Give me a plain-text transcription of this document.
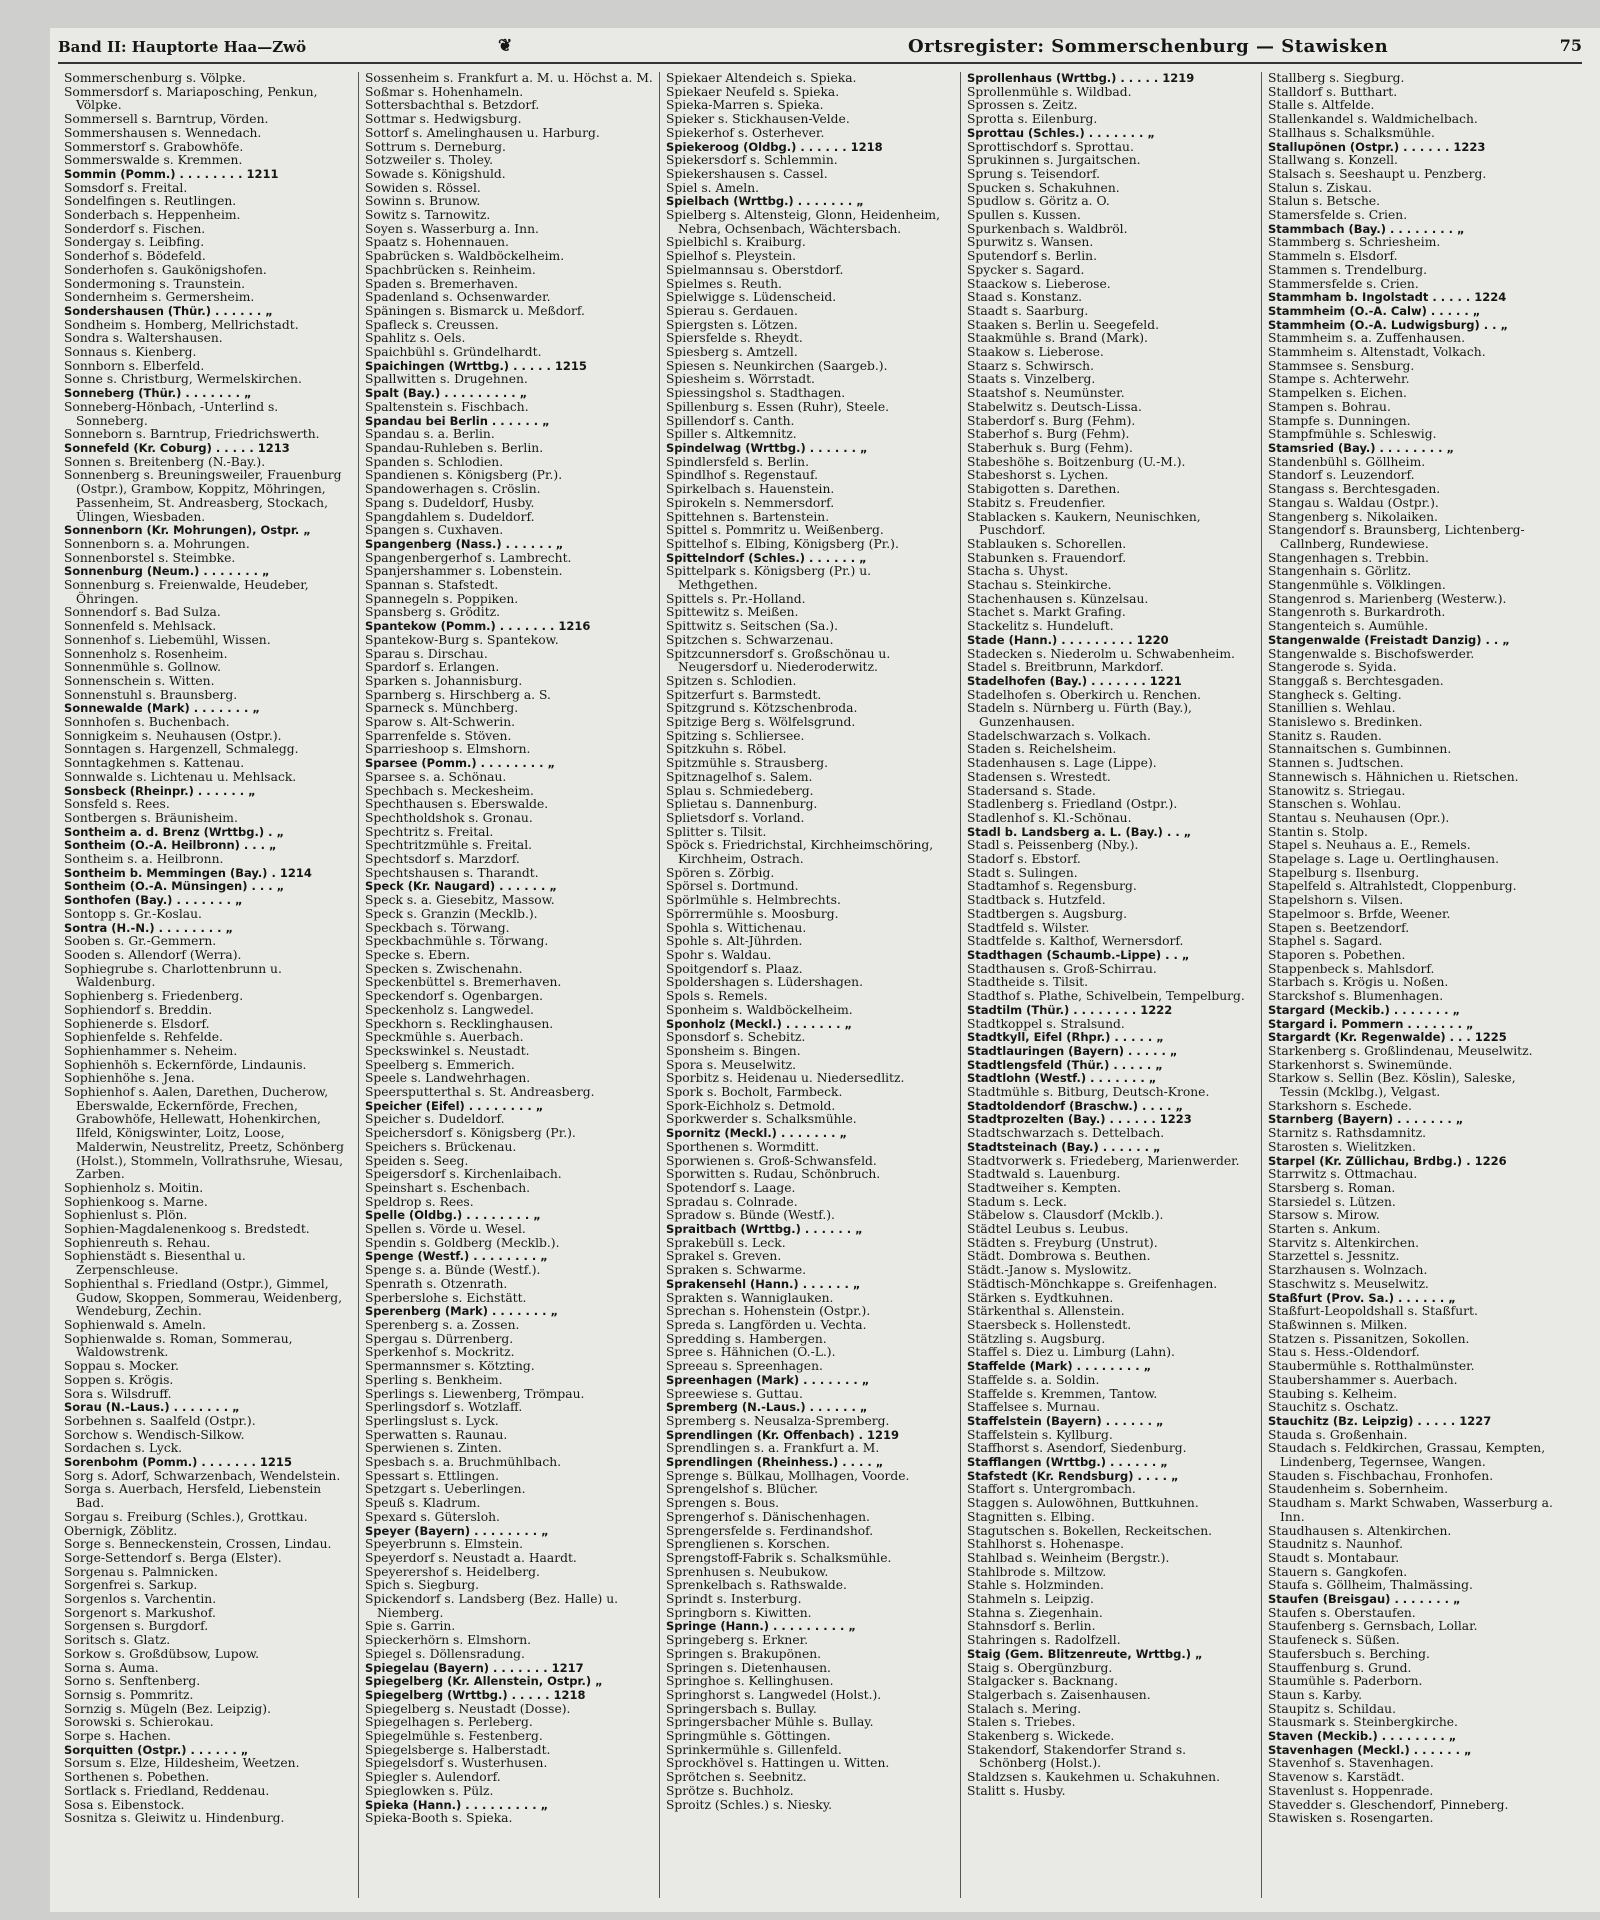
Band II: Hauptorte Haa—Zwö	❦	Ortsregister: Sommerschenburg — Stawisken	75

Sommerschenburg s. Völpke.

Sommersdorf s. Mariaposching, Penkun, Völpke.

Sommersell s. Barntrup, Vörden.

Sommershausen s. Wennedach.

Sommerstorf s. Grabowhöfe.

Sommerswalde s. Kremmen.

Sommin (Pomm.) . . . . . . . . 1211

Somsdorf s. Freital.

Sondelfingen s. Reutlingen.

Sonderbach s. Heppenheim.

Sonderdorf s. Fischen.

Sondergay s. Leibfing.

Sonderhof s. Bödefeld.

Sonderhofen s. Gaukönigshofen.

Sondermoning s. Traunstein.

Sondernheim s. Germersheim.

Sondershausen (Thür.) . . . . . . „

Sondheim s. Homberg, Mellrichstadt.

Sondra s. Waltershausen.

Sonnaus s. Kienberg.

Sonnborn s. Elberfeld.

Sonne s. Christburg, Wermelskirchen.

Sonneberg (Thür.) . . . . . . . „

Sonneberg-Hönbach, -Unterlind s. Sonneberg.

Sonneborn s. Barntrup, Friedrichswerth.

Sonnefeld (Kr. Coburg) . . . . . 1213

Sonnen s. Breitenberg (N.-Bay.).

Sonnenberg s. Breuningsweiler, Frauenburg (Ostpr.), Grambow, Koppitz, Möhringen, Passenheim, St. Andreasberg, Stockach, Ülingen, Wiesbaden.

Sonnenborn (Kr. Mohrungen), Ostpr. „

Sonnenborn s. a. Mohrungen.

Sonnenborstel s. Steimbke.

Sonnenburg (Neum.) . . . . . . . „

Sonnenburg s. Freienwalde, Heudeber, Öhringen.

Sonnendorf s. Bad Sulza.

Sonnenfeld s. Mehlsack.

Sonnenhof s. Liebemühl, Wissen.

Sonnenholz s. Rosenheim.

Sonnenmühle s. Gollnow.

Sonnenschein s. Witten.

Sonnenstuhl s. Braunsberg.

Sonnewalde (Mark) . . . . . . . „

Sonnhofen s. Buchenbach.

Sonnigkeim s. Neuhausen (Ostpr.).

Sonntagen s. Hargenzell, Schmalegg.

Sonntagkehmen s. Kattenau.

Sonnwalde s. Lichtenau u. Mehlsack.

Sonsbeck (Rheinpr.) . . . . . . „

Sonsfeld s. Rees.

Sontbergen s. Bräunisheim.

Sontheim a. d. Brenz (Wrttbg.) . „

Sontheim (O.-A. Heilbronn) . . . „

Sontheim s. a. Heilbronn.

Sontheim b. Memmingen (Bay.) . 1214

Sontheim (O.-A. Münsingen) . . . „

Sonthofen (Bay.) . . . . . . . „

Sontopp s. Gr.-Koslau.

Sontra (H.-N.) . . . . . . . . „

Sooben s. Gr.-Gemmern.

Sooden s. Allendorf (Werra).

Sophiegrube s. Charlottenbrunn u. Waldenburg.

Sophienberg s. Friedenberg.

Sophiendorf s. Breddin.

Sophienerde s. Elsdorf.

Sophienfelde s. Rehfelde.

Sophienhammer s. Neheim.

Sophienhöh s. Eckernförde, Lindaunis.

Sophienhöhe s. Jena.

Sophienhof s. Aalen, Darethen, Ducherow, Eberswalde, Eckernförde, Frechen, Grabowhöfe, Hellewatt, Hohenkirchen, Ilfeld, Königswinter, Loitz, Loose, Malderwin, Neustrelitz, Preetz, Schönberg (Holst.), Stommeln, Vollrathsruhe, Wiesau, Zarben.

Sophienholz s. Moitin.

Sophienkoog s. Marne.

Sophienlust s. Plön.

Sophien-Magdalenenkoog s. Bredstedt.

Sophienreuth s. Rehau.

Sophienstädt s. Biesenthal u. Zerpenschleuse.

Sophienthal s. Friedland (Ostpr.), Gimmel, Gudow, Skoppen, Sommerau, Weidenberg, Wendeburg, Zechin.

Sophienwald s. Ameln.

Sophienwalde s. Roman, Sommerau, Waldowstrenk.

Soppau s. Mocker.

Soppen s. Krögis.

Sora s. Wilsdruff.

Sorau (N.-Laus.) . . . . . . . „

Sorbehnen s. Saalfeld (Ostpr.).

Sorchow s. Wendisch-Silkow.

Sordachen s. Lyck.

Sorenbohm (Pomm.) . . . . . . . 1215

Sorg s. Adorf, Schwarzenbach, Wendelstein.

Sorga s. Auerbach, Hersfeld, Liebenstein Bad.

Sorgau s. Freiburg (Schles.), Grottkau.

Obernigk, Zöblitz.

Sorge s. Benneckenstein, Crossen, Lindau.

Sorge-Settendorf s. Berga (Elster).

Sorgenau s. Palmnicken.

Sorgenfrei s. Sarkup.

Sorgenlos s. Varchentin.

Sorgenort s. Markushof.

Sorgensen s. Burgdorf.

Soritsch s. Glatz.

Sorkow s. Großdübsow, Lupow.

Sorna s. Auma.

Sorno s. Senftenberg.

Sornsig s. Pommritz.

Sornzig s. Mügeln (Bez. Leipzig).

Sorowski s. Schierokau.

Sorpe s. Hachen.

Sorquitten (Ostpr.) . . . . . . „

Sorsum s. Elze, Hildesheim, Weetzen.

Sorthenen s. Pobethen.

Sortlack s. Friedland, Reddenau.

Sosa s. Eibenstock.

Sosnitza s. Gleiwitz u. Hindenburg.

Sossenheim s. Frankfurt a. M. u. Höchst a. M.

Soßmar s. Hohenhameln.

Sottersbachthal s. Betzdorf.

Sottmar s. Hedwigsburg.

Sottorf s. Amelinghausen u. Harburg.

Sottrum s. Derneburg.

Sotzweiler s. Tholey.

Sowade s. Königshuld.

Sowiden s. Rössel.

Sowinn s. Brunow.

Sowitz s. Tarnowitz.

Soyen s. Wasserburg a. Inn.

Spaatz s. Hohennauen.

Spabrücken s. Waldböckelheim.

Spachbrücken s. Reinheim.

Spaden s. Bremerhaven.

Spadenland s. Ochsenwarder.

Späningen s. Bismarck u. Meßdorf.

Spafleck s. Creussen.

Spahlitz s. Oels.

Spaichbühl s. Gründelhardt.

Spaichingen (Wrttbg.) . . . . . 1215

Spallwitten s. Drugehnen.

Spalt (Bay.) . . . . . . . . . „

Spaltenstein s. Fischbach.

Spandau bei Berlin . . . . . . „

Spandau s. a. Berlin.

Spandau-Ruhleben s. Berlin.

Spanden s. Schlodien.

Spandienen s. Königsberg (Pr.).

Spandowerhagen s. Cröslin.

Spang s. Dudeldorf, Husby.

Spangdahlem s. Dudeldorf.

Spangen s. Cuxhaven.

Spangenberg (Nass.) . . . . . . „

Spangenbergerhof s. Lambrecht.

Spanjershammer s. Lobenstein.

Spannan s. Stafstedt.

Spannegeln s. Poppiken.

Spansberg s. Gröditz.

Spantekow (Pomm.) . . . . . . . 1216

Spantekow-Burg s. Spantekow.

Sparau s. Dirschau.

Spardorf s. Erlangen.

Sparken s. Johannisburg.

Sparnberg s. Hirschberg a. S.

Sparneck s. Münchberg.

Sparow s. Alt-Schwerin.

Sparrenfelde s. Stöven.

Sparrieshoop s. Elmshorn.

Sparsee (Pomm.) . . . . . . . . „

Sparsee s. a. Schönau.

Spechbach s. Meckesheim.

Spechthausen s. Eberswalde.

Spechtholdshok s. Gronau.

Spechtritz s. Freital.

Spechtritzmühle s. Freital.

Spechtsdorf s. Marzdorf.

Spechtshausen s. Tharandt.

Speck (Kr. Naugard) . . . . . . „

Speck s. a. Giesebitz, Massow.

Speck s. Granzin (Mecklb.).

Speckbach s. Törwang.

Speckbachmühle s. Törwang.

Specke s. Ebern.

Specken s. Zwischenahn.

Speckenbüttel s. Bremerhaven.

Speckendorf s. Ogenbargen.

Speckenholz s. Langwedel.

Speckhorn s. Recklinghausen.

Speckmühle s. Auerbach.

Speckswinkel s. Neustadt.

Speelberg s. Emmerich.

Speele s. Landwehrhagen.

Speersputterthal s. St. Andreasberg.

Speicher (Eifel) . . . . . . . . „

Speicher s. Dudeldorf.

Speichersdorf s. Königsberg (Pr.).

Speichers s. Brückenau.

Speiden s. Seeg.

Speigersdorf s. Kirchenlaibach.

Speinshart s. Eschenbach.

Speldrop s. Rees.

Spelle (Oldbg.) . . . . . . . . „

Spellen s. Vörde u. Wesel.

Spendin s. Goldberg (Mecklb.).

Spenge (Westf.) . . . . . . . . „

Spenge s. a. Bünde (Westf.).

Spenrath s. Otzenrath.

Sperberslohe s. Eichstätt.

Sperenberg (Mark) . . . . . . . „

Sperenberg s. a. Zossen.

Spergau s. Dürrenberg.

Sperkenhof s. Mockritz.

Spermannsmer s. Kötzting.

Sperling s. Benkheim.

Sperlings s. Liewenberg, Trömpau.

Sperlingsdorf s. Wotzlaff.

Sperlingslust s. Lyck.

Sperwatten s. Raunau.

Sperwienen s. Zinten.

Spesbach s. a. Bruchmühlbach.

Spessart s. Ettlingen.

Spetzgart s. Ueberlingen.

Speuß s. Kladrum.

Spexard s. Gütersloh.

Speyer (Bayern) . . . . . . . . „

Speyerbrunn s. Elmstein.

Speyerdorf s. Neustadt a. Haardt.

Speyerershof s. Heidelberg.

Spich s. Siegburg.

Spickendorf s. Landsberg (Bez. Halle) u. Niemberg.

Spie s. Garrin.

Spieckerhörn s. Elmshorn.

Spiegel s. Döllensradung.

Spiegelau (Bayern) . . . . . . . 1217

Spiegelberg (Kr. Allenstein, Ostpr.) „

Spiegelberg (Wrttbg.) . . . . . 1218

Spiegelberg s. Neustadt (Dosse).

Spiegelhagen s. Perleberg.

Spiegelmühle s. Festenberg.

Spiegelsberge s. Halberstadt.

Spiegelsdorf s. Wusterhusen.

Spiegler s. Aulendorf.

Spieglowken s. Pülz.

Spieka (Hann.) . . . . . . . . . „

Spieka-Booth s. Spieka.

Spiekaer Altendeich s. Spieka.

Spiekaer Neufeld s. Spieka.

Spieka-Marren s. Spieka.

Spieker s. Stickhausen-Velde.

Spiekerhof s. Osterhever.

Spiekeroog (Oldbg.) . . . . . . 1218

Spiekersdorf s. Schlemmin.

Spiekershausen s. Cassel.

Spiel s. Ameln.

Spielbach (Wrttbg.) . . . . . . . „

Spielberg s. Altensteig, Glonn, Heidenheim, Nebra, Ochsenbach, Wächtersbach.

Spielbichl s. Kraiburg.

Spielhof s. Pleystein.

Spielmannsau s. Oberstdorf.

Spielmes s. Reuth.

Spielwigge s. Lüdenscheid.

Spierau s. Gerdauen.

Spiergsten s. Lötzen.

Spiersfelde s. Rheydt.

Spiesberg s. Amtzell.

Spiesen s. Neunkirchen (Saargeb.).

Spiesheim s. Wörrstadt.

Spiessingshol s. Stadthagen.

Spillenburg s. Essen (Ruhr), Steele.

Spillendorf s. Canth.

Spiller s. Altkemnitz.

Spindelwag (Wrttbg.) . . . . . . „

Spindlersfeld s. Berlin.

Spindlhof s. Regenstauf.

Spirkelbach s. Hauenstein.

Spirokeln s. Nemmersdorf.

Spittehnen s. Bartenstein.

Spittel s. Pommritz u. Weißenberg.

Spittelhof s. Elbing, Königsberg (Pr.).

Spittelndorf (Schles.) . . . . . . „

Spittelpark s. Königsberg (Pr.) u. Methgethen.

Spittels s. Pr.-Holland.

Spittewitz s. Meißen.

Spittwitz s. Seitschen (Sa.).

Spitzchen s. Schwarzenau.

Spitzcunnersdorf s. Großschönau u. Neugersdorf u. Niederoderwitz.

Spitzen s. Schlodien.

Spitzerfurt s. Barmstedt.

Spitzgrund s. Kötzschenbroda.

Spitzige Berg s. Wölfelsgrund.

Spitzing s. Schliersee.

Spitzkuhn s. Röbel.

Spitzmühle s. Strausberg.

Spitznagelhof s. Salem.

Splau s. Schmiedeberg.

Splietau s. Dannenburg.

Splietsdorf s. Vorland.

Splitter s. Tilsit.

Spöck s. Friedrichstal, Kirchheimschöring, Kirchheim, Ostrach.

Spören s. Zörbig.

Spörsel s. Dortmund.

Spörlmühle s. Helmbrechts.

Spörrermühle s. Moosburg.

Spohla s. Wittichenau.

Spohle s. Alt-Jührden.

Spohr s. Waldau.

Spoitgendorf s. Plaaz.

Spoldershagen s. Lüdershagen.

Spols s. Remels.

Sponheim s. Waldböckelheim.

Sponholz (Meckl.) . . . . . . . „

Sponsdorf s. Schebitz.

Sponsheim s. Bingen.

Spora s. Meuselwitz.

Sporbitz s. Heidenau u. Niedersedlitz.

Spork s. Bocholt, Farmbeck.

Spork-Eichholz s. Detmold.

Sporkwerder s. Schalksmühle.

Spornitz (Meckl.) . . . . . . . „

Sporthenen s. Wormditt.

Sporwienen s. Groß-Schwansfeld.

Sporwitten s. Rudau, Schönbruch.

Spotendorf s. Laage.

Spradau s. Colnrade.

Spradow s. Bünde (Westf.).

Spraitbach (Wrttbg.) . . . . . . „

Sprakebüll s. Leck.

Sprakel s. Greven.

Spraken s. Schwarme.

Sprakensehl (Hann.) . . . . . . „

Sprakten s. Wanniglauken.

Sprechan s. Hohenstein (Ostpr.).

Spreda s. Langförden u. Vechta.

Spredding s. Hambergen.

Spree s. Hähnichen (O.-L.).

Spreeau s. Spreenhagen.

Spreenhagen (Mark) . . . . . . . „

Spreewiese s. Guttau.

Spremberg (N.-Laus.) . . . . . . „

Spremberg s. Neusalza-Spremberg.

Sprendlingen (Kr. Offenbach) . 1219

Sprendlingen s. a. Frankfurt a. M.

Sprendlingen (Rheinhess.) . . . . „

Sprenge s. Bülkau, Mollhagen, Voorde.

Sprengelshof s. Blücher.

Sprengen s. Bous.

Sprengerhof s. Dänischenhagen.

Sprengersfelde s. Ferdinandshof.

Sprenglienen s. Korschen.

Sprengstoff-Fabrik s. Schalksmühle.

Sprenhusen s. Neubukow.

Sprenkelbach s. Rathswalde.

Sprindt s. Insterburg.

Springborn s. Kiwitten.

Springe (Hann.) . . . . . . . . . „

Springeberg s. Erkner.

Springen s. Brakupönen.

Springen s. Dietenhausen.

Springhoe s. Kellinghusen.

Springhorst s. Langwedel (Holst.).

Springersbach s. Bullay.

Springersbacher Mühle s. Bullay.

Springmühle s. Göttingen.

Sprinkermühle s. Gillenfeld.

Sprockhövel s. Hattingen u. Witten.

Sprötchen s. Seebnitz.

Sprötze s. Buchholz.

Sproitz (Schles.) s. Niesky.

Sprollenhaus (Wrttbg.) . . . . . 1219

Sprollenmühle s. Wildbad.

Sprossen s. Zeitz.

Sprotta s. Eilenburg.

Sprottau (Schles.) . . . . . . . „

Sprottischdorf s. Sprottau.

Sprukinnen s. Jurgaitschen.

Sprung s. Teisendorf.

Spucken s. Schakuhnen.

Spudlow s. Göritz a. O.

Spullen s. Kussen.

Spurkenbach s. Waldbröl.

Spurwitz s. Wansen.

Sputendorf s. Berlin.

Spycker s. Sagard.

Staackow s. Lieberose.

Staad s. Konstanz.

Staadt s. Saarburg.

Staaken s. Berlin u. Seegefeld.

Staakmühle s. Brand (Mark).

Staakow s. Lieberose.

Staarz s. Schwirsch.

Staats s. Vinzelberg.

Staatshof s. Neumünster.

Stabelwitz s. Deutsch-Lissa.

Staberdorf s. Burg (Fehm).

Staberhof s. Burg (Fehm).

Staberhuk s. Burg (Fehm).

Stabeshöhe s. Boitzenburg (U.-M.).

Stabeshorst s. Lychen.

Stabigotten s. Darethen.

Stabitz s. Freudenfier.

Stablacken s. Kaukern, Neunischken, Puschdorf.

Stablauken s. Schorellen.

Stabunken s. Frauendorf.

Stacha s. Uhyst.

Stachau s. Steinkirche.

Stachenhausen s. Künzelsau.

Stachet s. Markt Grafing.

Stackelitz s. Hundeluft.

Stade (Hann.) . . . . . . . . . 1220

Stadecken s. Niederolm u. Schwabenheim.

Stadel s. Breitbrunn, Markdorf.

Stadelhofen (Bay.) . . . . . . . 1221

Stadelhofen s. Oberkirch u. Renchen.

Stadeln s. Nürnberg u. Fürth (Bay.), Gunzenhausen.

Stadelschwarzach s. Volkach.

Staden s. Reichelsheim.

Stadenhausen s. Lage (Lippe).

Stadensen s. Wrestedt.

Stadersand s. Stade.

Stadlenberg s. Friedland (Ostpr.).

Stadlenhof s. Kl.-Schönau.

Stadl b. Landsberg a. L. (Bay.) . . „

Stadl s. Peissenberg (Nby.).

Stadorf s. Ebstorf.

Stadt s. Sulingen.

Stadtamhof s. Regensburg.

Stadtback s. Hutzfeld.

Stadtbergen s. Augsburg.

Stadtfeld s. Wilster.

Stadtfelde s. Kalthof, Wernersdorf.

Stadthagen (Schaumb.-Lippe) . . „

Stadthausen s. Groß-Schirrau.

Stadtheide s. Tilsit.

Stadthof s. Plathe, Schivelbein, Tempelburg.

Stadtilm (Thür.) . . . . . . . . 1222

Stadtkoppel s. Stralsund.

Stadtkyll, Eifel (Rhpr.) . . . . . „

Stadtlauringen (Bayern) . . . . . „

Stadtlengsfeld (Thür.) . . . . . „

Stadtlohn (Westf.) . . . . . . . „

Stadtmühle s. Bitburg, Deutsch-Krone.

Stadtoldendorf (Braschw.) . . . . „

Stadtprozelten (Bay.) . . . . . . 1223

Stadtschwarzach s. Dettelbach.

Stadtsteinach (Bay.) . . . . . . „

Stadtvorwerk s. Friedeberg, Marienwerder.

Stadtwald s. Lauenburg.

Stadtweiher s. Kempten.

Stadum s. Leck.

Stäbelow s. Clausdorf (Mcklb.).

Städtel Leubus s. Leubus.

Städten s. Freyburg (Unstrut).

Städt. Dombrowa s. Beuthen.

Städt.-Janow s. Myslowitz.

Städtisch-Mönchkappe s. Greifenhagen.

Stärken s. Eydtkuhnen.

Stärkenthal s. Allenstein.

Staersbeck s. Hollenstedt.

Stätzling s. Augsburg.

Staffel s. Diez u. Limburg (Lahn).

Staffelde (Mark) . . . . . . . . „

Staffelde s. a. Soldin.

Staffelde s. Kremmen, Tantow.

Staffelsee s. Murnau.

Staffelstein (Bayern) . . . . . . „

Staffelstein s. Kyllburg.

Staffhorst s. Asendorf, Siedenburg.

Stafflangen (Wrttbg.) . . . . . . „

Stafstedt (Kr. Rendsburg) . . . . „

Staffort s. Untergrombach.

Staggen s. Aulowöhnen, Buttkuhnen.

Stagnitten s. Elbing.

Stagutschen s. Bokellen, Reckeitschen.

Stahlhorst s. Hohenaspe.

Stahlbad s. Weinheim (Bergstr.).

Stahlbrode s. Miltzow.

Stahle s. Holzminden.

Stahmeln s. Leipzig.

Stahna s. Ziegenhain.

Stahnsdorf s. Berlin.

Stahringen s. Radolfzell.

Staig (Gem. Blitzenreute, Wrttbg.) „

Staig s. Obergünzburg.

Stalgacker s. Backnang.

Stalgerbach s. Zaisenhausen.

Stalach s. Mering.

Stalen s. Triebes.

Stakenberg s. Wickede.

Stakendorf, Stakendorfer Strand s. Schönberg (Holst.).

Staldzsen s. Kaukehmen u. Schakuhnen.

Stalitt s. Husby.

Stallberg s. Siegburg.

Stalldorf s. Butthart.

Stalle s. Altfelde.

Stallenkandel s. Waldmichelbach.

Stallhaus s. Schalksmühle.

Stallupönen (Ostpr.) . . . . . . 1223

Stallwang s. Konzell.

Stalsach s. Seeshaupt u. Penzberg.

Stalun s. Ziskau.

Stalun s. Betsche.

Stamersfelde s. Crien.

Stammbach (Bay.) . . . . . . . . „

Stammberg s. Schriesheim.

Stammeln s. Elsdorf.

Stammen s. Trendelburg.

Stammersfelde s. Crien.

Stammham b. Ingolstadt . . . . . 1224

Stammheim (O.-A. Calw) . . . . . „

Stammheim (O.-A. Ludwigsburg) . . „

Stammheim s. a. Zuffenhausen.

Stammheim s. Altenstadt, Volkach.

Stammsee s. Sensburg.

Stampe s. Achterwehr.

Stampelken s. Eichen.

Stampen s. Bohrau.

Stampfe s. Dunningen.

Stampfmühle s. Schleswig.

Stamsried (Bay.) . . . . . . . . „

Standenbühl s. Göllheim.

Standorf s. Leuzendorf.

Stangass s. Berchtesgaden.

Stangau s. Waldau (Ostpr.).

Stangenberg s. Nikolaiken.

Stangendorf s. Braunsberg, Lichtenberg-Callnberg, Rundewiese.

Stangenhagen s. Trebbin.

Stangenhain s. Görlitz.

Stangenmühle s. Völklingen.

Stangenrod s. Marienberg (Westerw.).

Stangenroth s. Burkardroth.

Stangenteich s. Aumühle.

Stangenwalde (Freistadt Danzig) . . „

Stangenwalde s. Bischofswerder.

Stangerode s. Syida.

Stanggaß s. Berchtesgaden.

Stangheck s. Gelting.

Stanillien s. Wehlau.

Stanislewo s. Bredinken.

Stanitz s. Rauden.

Stannaitschen s. Gumbinnen.

Stannen s. Judtschen.

Stannewisch s. Hähnichen u. Rietschen.

Stanowitz s. Striegau.

Stanschen s. Wohlau.

Stantau s. Neuhausen (Opr.).

Stantin s. Stolp.

Stapel s. Neuhaus a. E., Remels.

Stapelage s. Lage u. Oertlinghausen.

Stapelburg s. Ilsenburg.

Stapelfeld s. Altrahlstedt, Cloppenburg.

Stapelshorn s. Vilsen.

Stapelmoor s. Brfde, Weener.

Stapen s. Beetzendorf.

Staphel s. Sagard.

Staporen s. Pobethen.

Stappenbeck s. Mahlsdorf.

Starbach s. Krögis u. Noßen.

Starckshof s. Blumenhagen.

Stargard (Meckib.) . . . . . . . „

Stargard i. Pommern . . . . . . . „

Stargardt (Kr. Regenwalde) . . . 1225

Starkenberg s. Großlindenau, Meuselwitz.

Starkenhorst s. Swinemünde.

Starkow s. Sellin (Bez. Köslin), Saleske, Tessin (Mcklbg.), Velgast.

Starkshorn s. Eschede.

Starnberg (Bayern) . . . . . . . „

Starnitz s. Rathsdamnitz.

Starosten s. Wielitzken.

Starpel (Kr. Züllichau, Brdbg.) . 1226

Starrwitz s. Ottmachau.

Starsberg s. Roman.

Starsiedel s. Lützen.

Starsow s. Mirow.

Starten s. Ankum.

Starvitz s. Altenkirchen.

Starzettel s. Jessnitz.

Starzhausen s. Wolnzach.

Staschwitz s. Meuselwitz.

Staßfurt (Prov. Sa.) . . . . . . „

Staßfurt-Leopoldshall s. Staßfurt.

Staßwinnen s. Milken.

Statzen s. Pissanitzen, Sokollen.

Stau s. Hess.-Oldendorf.

Staubermühle s. Rotthalmünster.

Staubershammer s. Auerbach.

Staubing s. Kelheim.

Stauchitz s. Oschatz.

Stauchitz (Bz. Leipzig) . . . . . 1227

Stauda s. Großenhain.

Staudach s. Feldkirchen, Grassau, Kempten, Lindenberg, Tegernsee, Wangen.

Stauden s. Fischbachau, Fronhofen.

Staudenheim s. Sobernheim.

Staudham s. Markt Schwaben, Wasserburg a. Inn.

Staudhausen s. Altenkirchen.

Staudnitz s. Naunhof.

Staudt s. Montabaur.

Stauern s. Gangkofen.

Staufa s. Göllheim, Thalmässing.

Staufen (Breisgau) . . . . . . . „

Staufen s. Oberstaufen.

Staufenberg s. Gernsbach, Lollar.

Staufeneck s. Süßen.

Staufersbuch s. Berching.

Stauffenburg s. Grund.

Staumühle s. Paderborn.

Staun s. Karby.

Staupitz s. Schildau.

Stausmark s. Steinbergkirche.

Staven (Meckib.) . . . . . . . . „

Stavenhagen (Meckl.) . . . . . . „

Stavenhof s. Stavenhagen.

Stavenow s. Karstädt.

Stavenlust s. Hoppenrade.

Stavedder s. Gleschendorf, Pinneberg.

Stawisken s. Rosengarten.
